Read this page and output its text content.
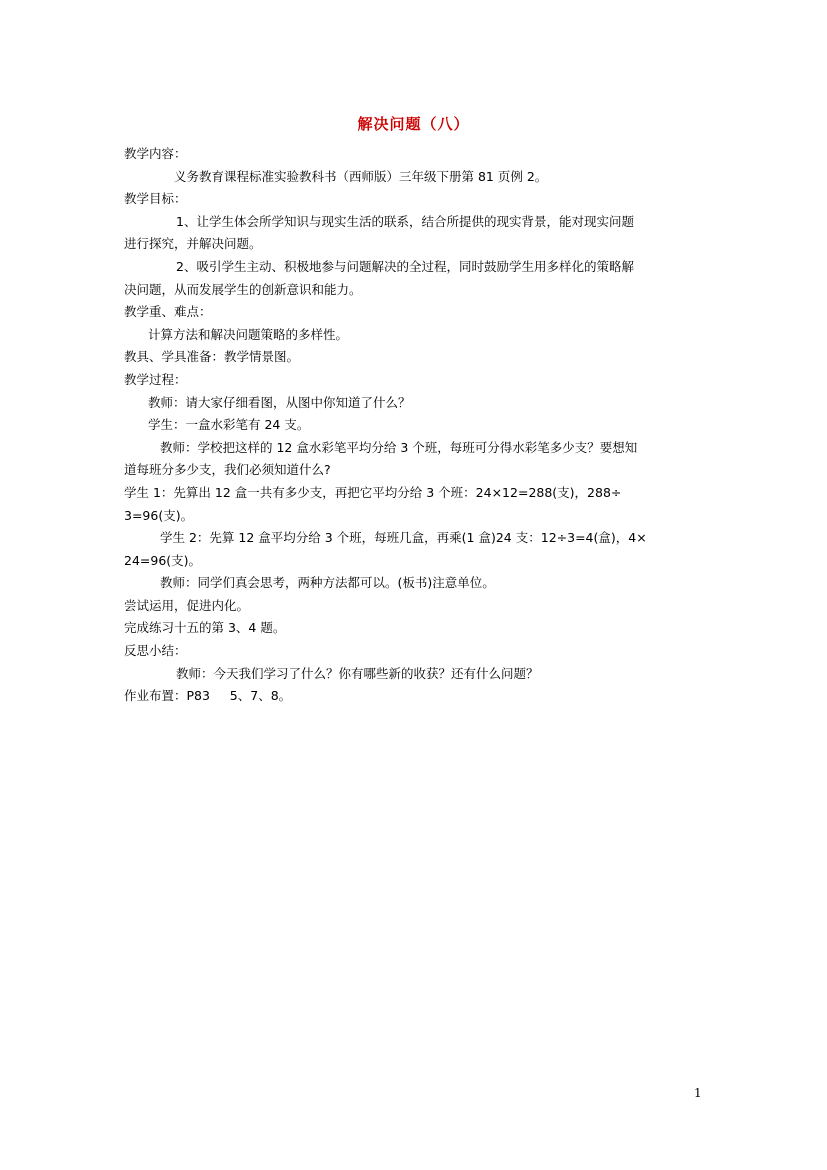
解决问题（八）
教学内容：
义务教育课程标准实验教科书（西师版）三年级下册第 81 页例 2。
教学目标：
1、让学生体会所学知识与现实生活的联系，结合所提供的现实背景，能对现实问题
进行探究，并解决问题。
2、吸引学生主动、积极地参与问题解决的全过程，同时鼓励学生用多样化的策略解
决问题，从而发展学生的创新意识和能力。
教学重、难点：
计算方法和解决问题策略的多样性。
教具、学具准备：教学情景图。
教学过程：
教师：请大家仔细看图，从图中你知道了什么？
学生：一盒水彩笔有 24 支。
教师：学校把这样的 12 盒水彩笔平均分给 3 个班，每班可分得水彩笔多少支？要想知
道每班分多少支，我们必须知道什么?
学生 1：先算出 12 盒一共有多少支，再把它平均分给 3 个班：24×12=288(支)，288÷
3=96(支)。
学生 2：先算 12 盒平均分给 3 个班，每班几盒，再乘(1 盒)24 支：12÷3=4(盒)，4×
24=96(支)。
教师：同学们真会思考，两种方法都可以。(板书)注意单位。
尝试运用，促进内化。
完成练习十五的第 3、4 题。
反思小结：
教师：今天我们学习了什么？你有哪些新的收获？还有什么问题？
作业布置：P83     5、7、8。
1
